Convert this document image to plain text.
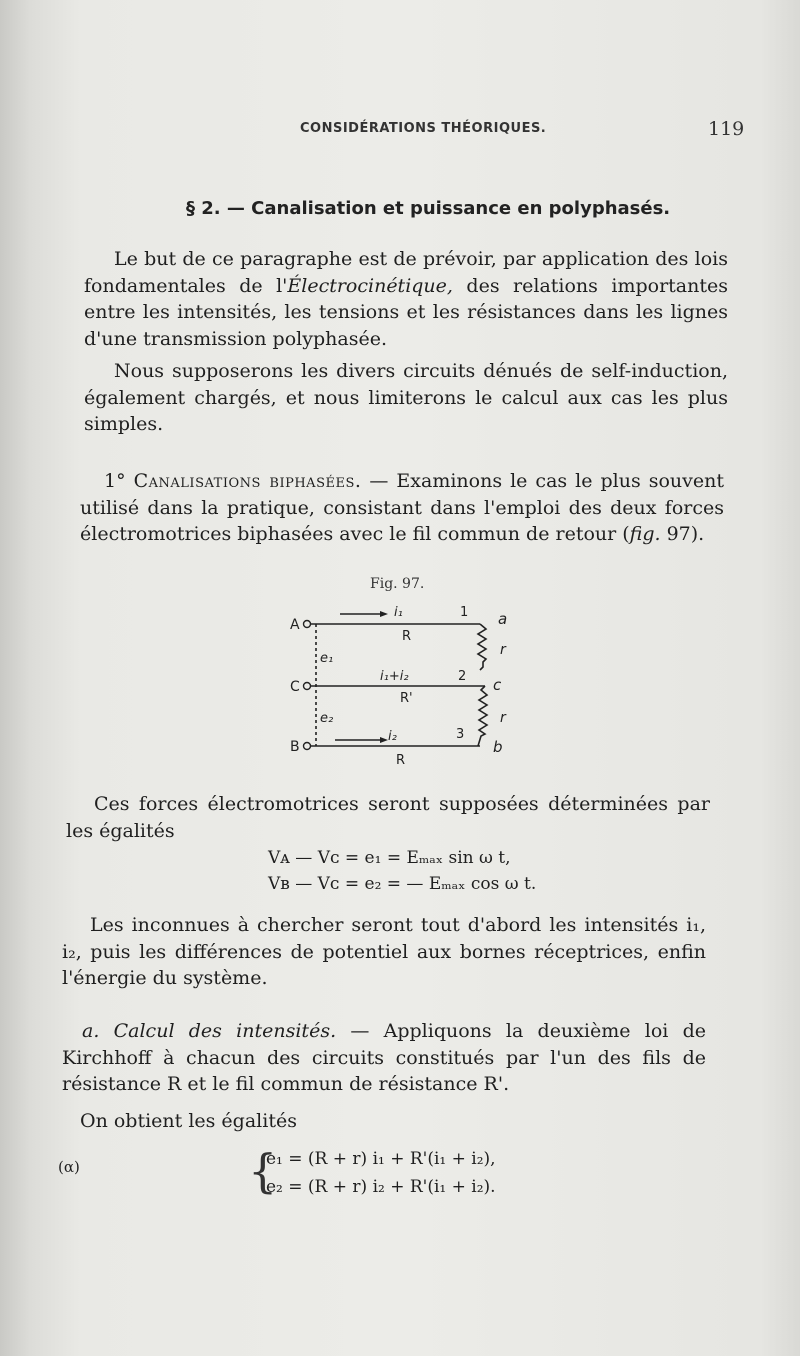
CONSIDÉRATIONS THÉORIQUES.	119
§ 2. — Canalisation et puissance en polyphasés.
Le but de ce paragraphe est de prévoir, par application des lois fondamentales de l'Électrocinétique, des relations importantes entre les intensités, les tensions et les résistances dans les lignes d'une transmission polyphasée.
Nous supposerons les divers circuits dénués de self-induction, également chargés, et nous limiterons le calcul aux cas les plus simples.
1° Canalisations biphasées. — Examinons le cas le plus souvent utilisé dans la pratique, consistant dans l'emploi des deux forces électromotrices biphasées avec le fil commun de retour (fig. 97).
Fig. 97.
A
C
B
a
c
b
1
2
3
R
R'
R
e₁
e₂
i₁
i₁+i₂
i₂
r
r
Ces forces électromotrices seront supposées déterminées par les égalités
Vᴀ — Vᴄ = e₁ = Eₘₐₓ sin ω t,
Vʙ — Vᴄ = e₂ = — Eₘₐₓ cos ω t.
Les inconnues à chercher seront tout d'abord les intensités i₁, i₂, puis les différences de potentiel aux bornes réceptrices, enfin l'énergie du système.
a. Calcul des intensités. — Appliquons la deuxième loi de Kirchhoff à chacun des circuits constitués par l'un des fils de résistance R et le fil commun de résistance R'.
On obtient les égalités
(α)	{
e₁ = (R + r) i₁ + R'(i₁ + i₂),
e₂ = (R + r) i₂ + R'(i₁ + i₂).
